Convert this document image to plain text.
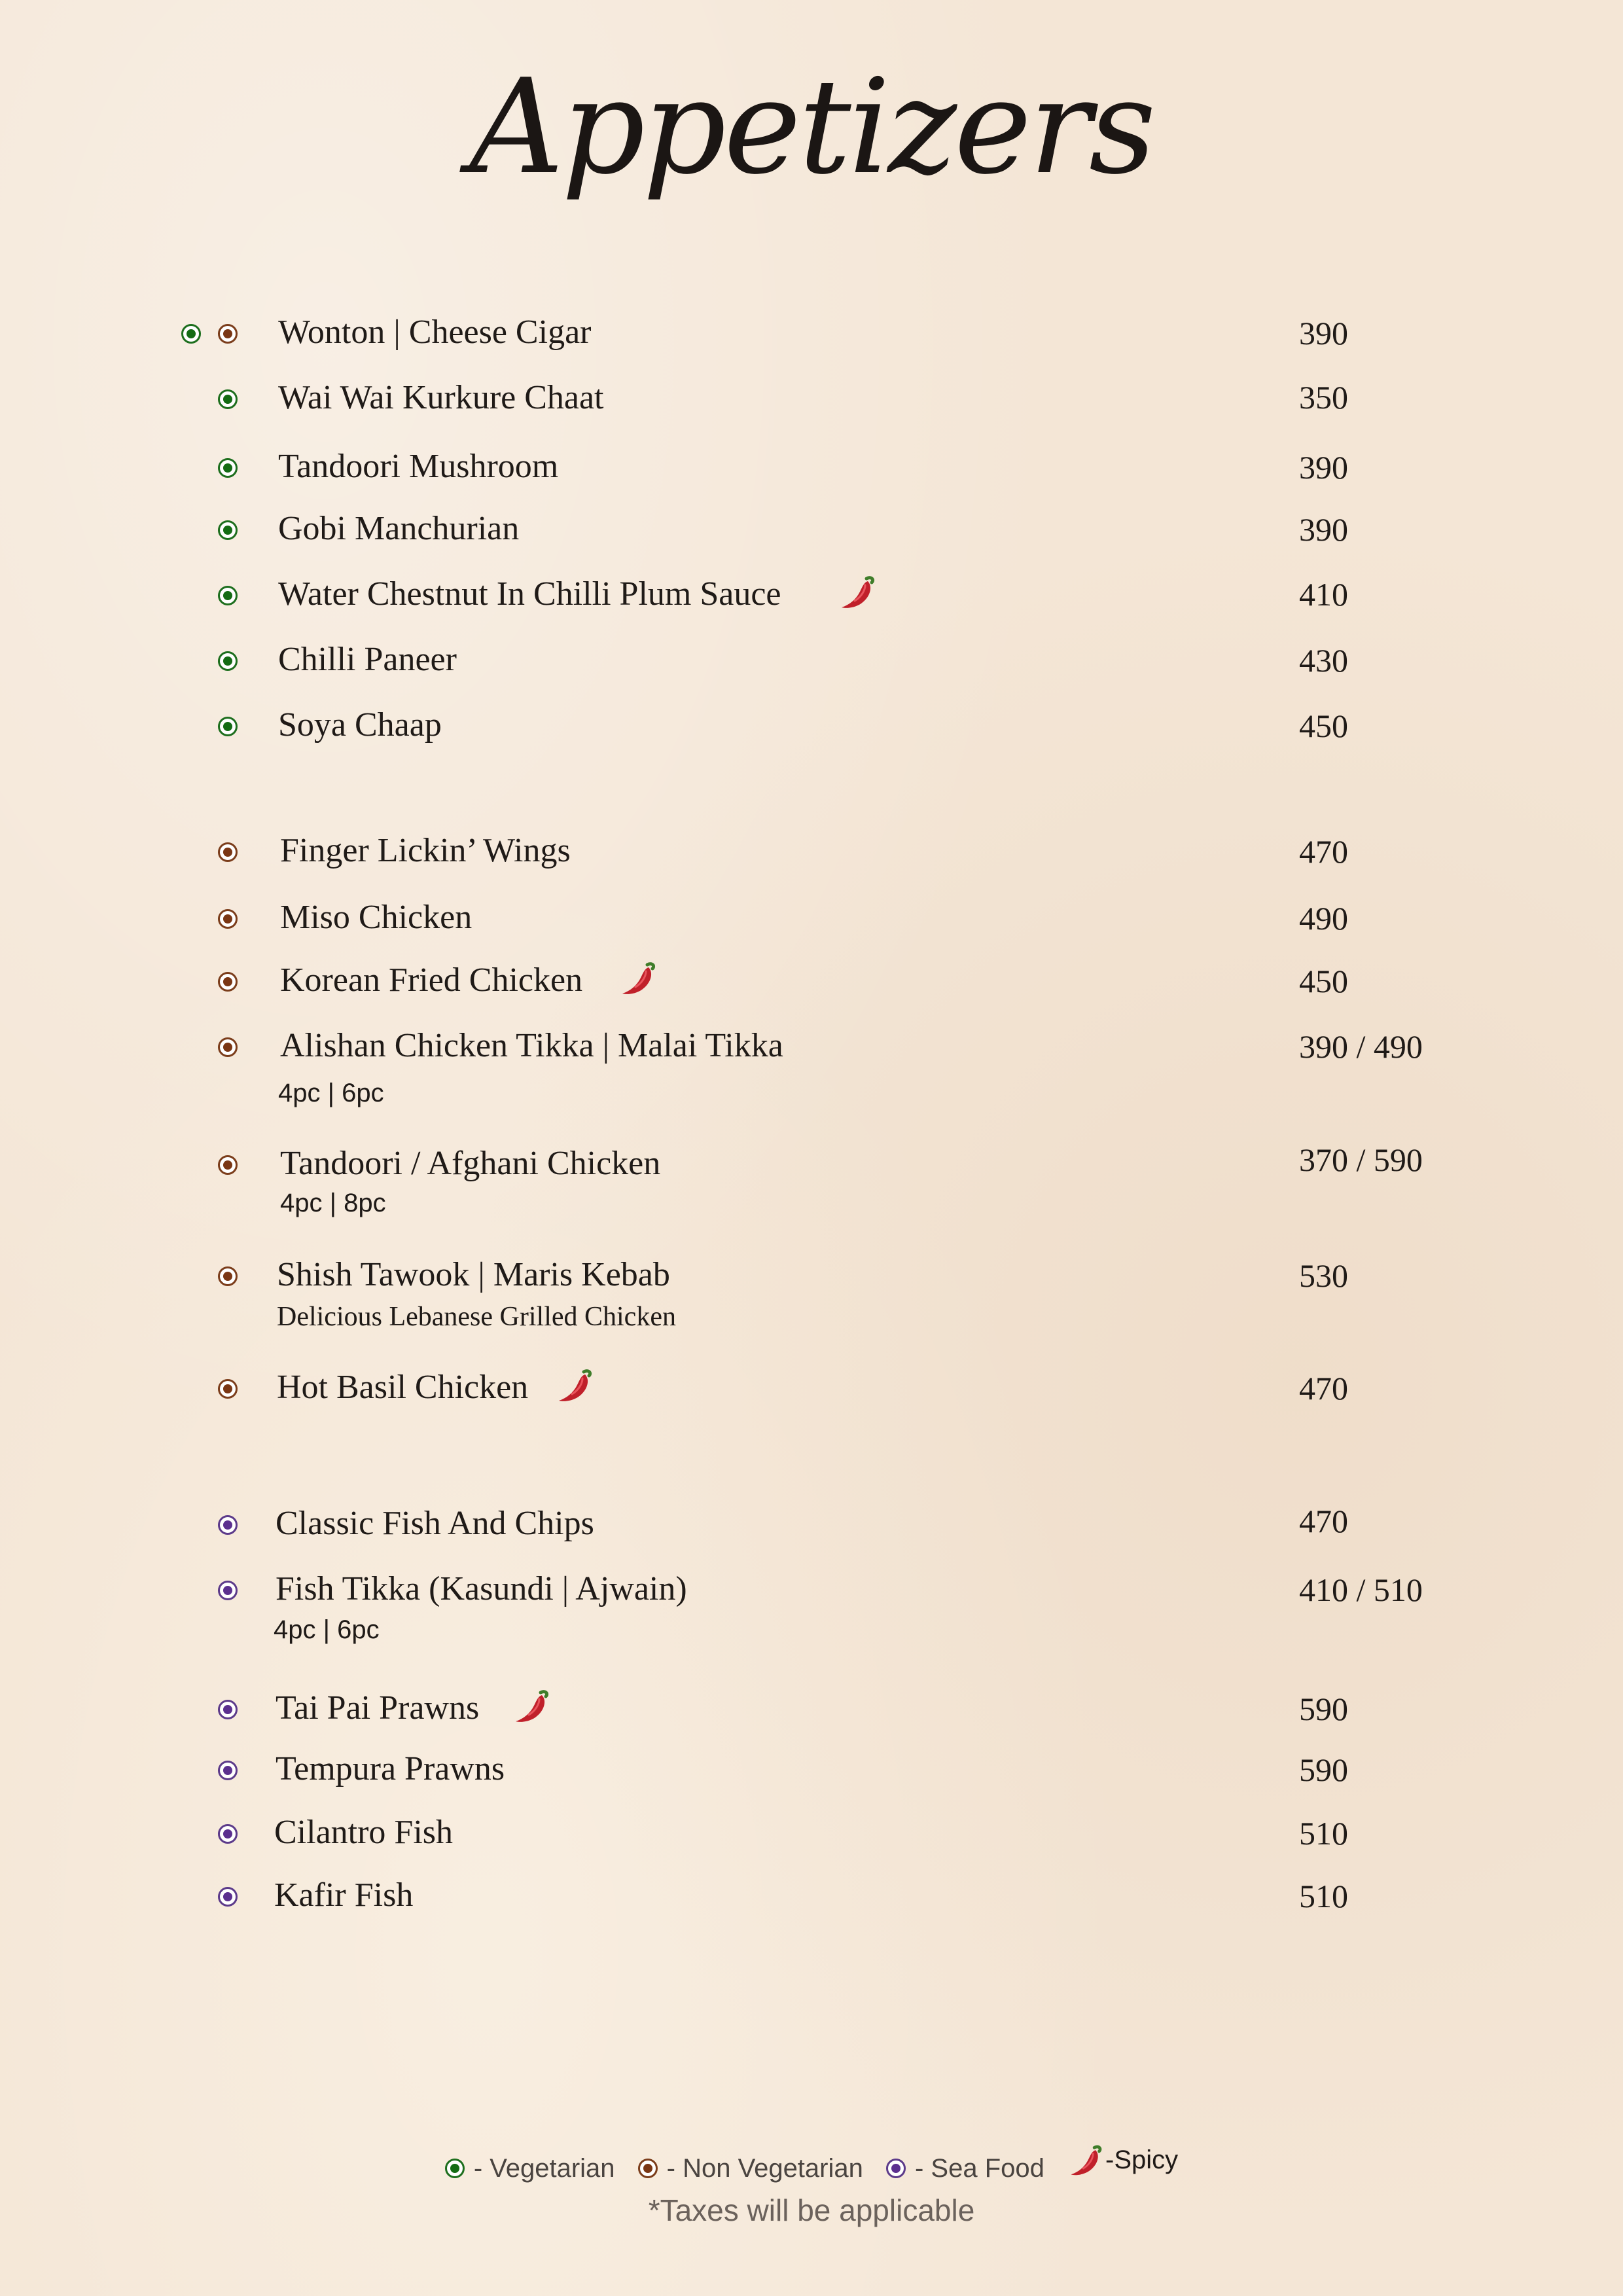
Appetizers
Wonton | Cheese Cigar	390
Wai Wai Kurkure Chaat	350
Tandoori Mushroom	390
Gobi Manchurian	390
Water Chestnut In Chilli Plum Sauce	410
Chilli Paneer	430
Soya Chaap	450
Finger Lickin’ Wings	470
Miso Chicken	490
Korean Fried Chicken	450
Alishan Chicken Tikka | Malai Tikka	390 / 490
4pc | 6pc
Tandoori / Afghani Chicken	370 / 590
4pc | 8pc
Shish Tawook | Maris Kebab	530
Delicious Lebanese Grilled Chicken
Hot Basil Chicken	470
Classic Fish And Chips	470
Fish Tikka (Kasundi | Ajwain)	410 / 510
4pc | 6pc
Tai Pai Prawns	590
Tempura Prawns	590
Cilantro Fish	510
Kafir Fish	510
- Vegetarian
- Non Vegetarian
- Sea Food
-Spicy
*Taxes will be applicable
